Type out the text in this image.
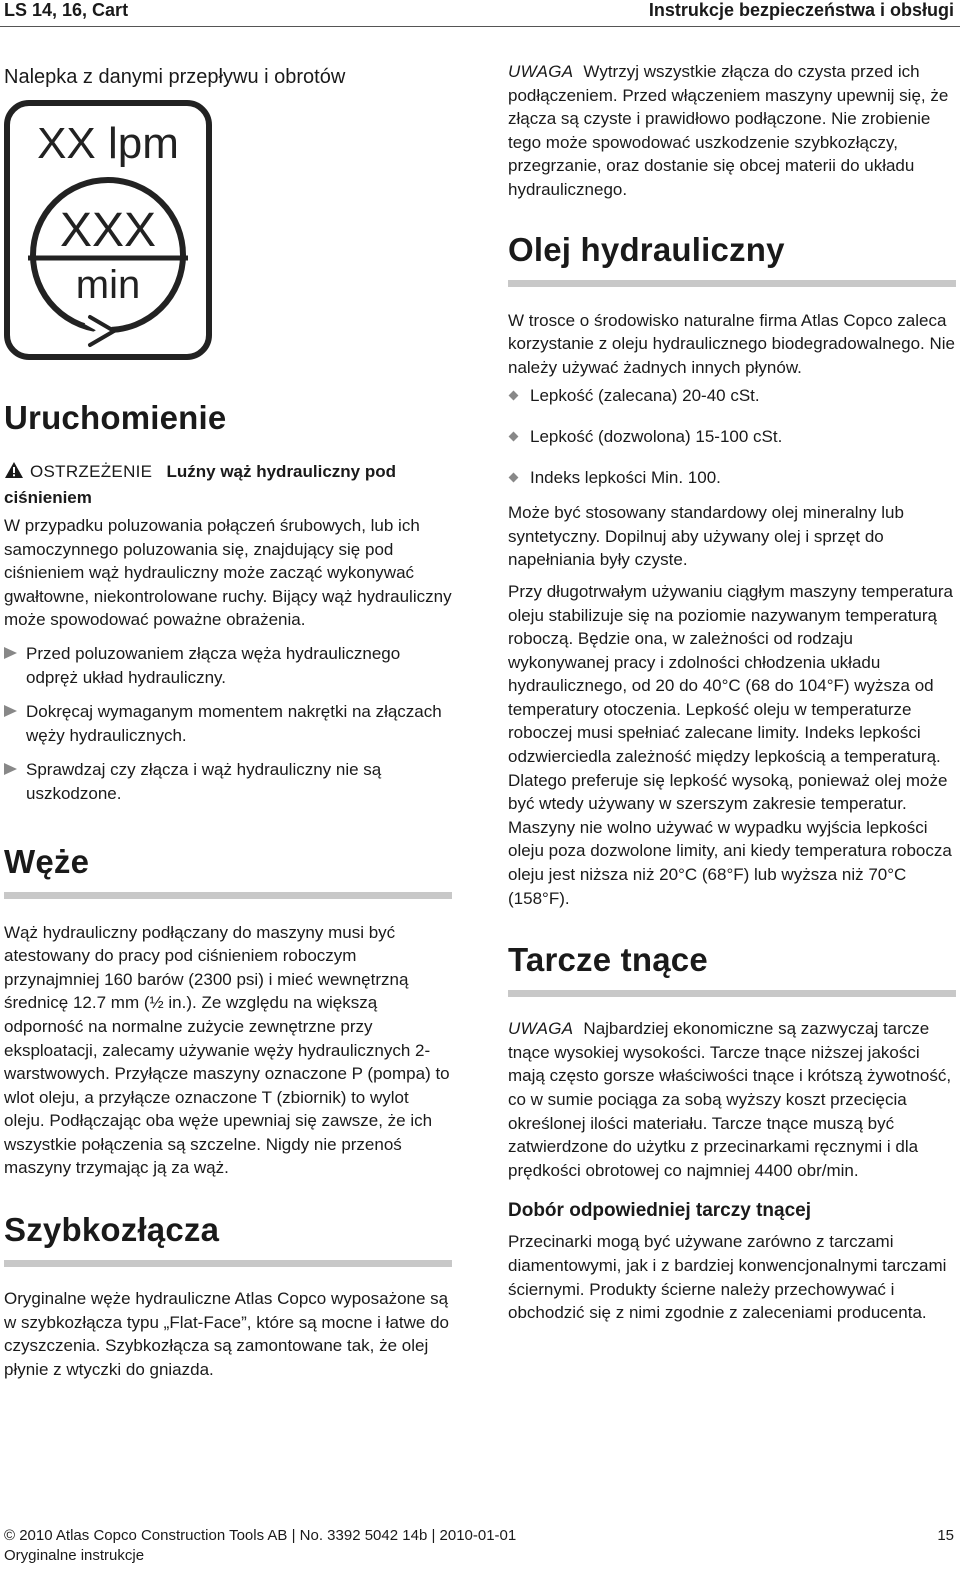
LS 14, 16, Cart	Instrukcje bezpieczeństwa i obsługi

Nalepka z danymi przepływu i obrotów

XX lpm
XXX
min
Uruchomienie

OSTRZEŻENIE Luźny wąż hydrauliczny pod

ciśnieniem

W przypadku poluzowania połączeń śrubowych, lub ich samoczynnego poluzowania się, znajdujący się pod ciśnieniem wąż hydrauliczny może zacząć wykonywać gwałtowne, niekontrolowane ruchy. Bijący wąż hydrauliczny może spowodować poważne obrażenia.

Przed poluzowaniem złącza węża hydraulicznego odpręż układ hydrauliczny.
Dokręcaj wymaganym momentem nakrętki na złączach węży hydraulicznych.
Sprawdzaj czy złącza i wąż hydrauliczny nie są uszkodzone.
Węże

Wąż hydrauliczny podłączany do maszyny musi być atestowany do pracy pod ciśnieniem roboczym przynajmniej 160 barów (2300 psi) i mieć wewnętrzną średnicę 12.7 mm (½ in.). Ze względu na większą odporność na normalne zużycie zewnętrzne przy eksploatacji, zalecamy używanie węży hydraulicznych 2-warstwowych. Przyłącze maszyny oznaczone P (pompa) to wlot oleju, a przyłącze oznaczone T (zbiornik) to wylot oleju. Podłączając oba węże upewniaj się zawsze, że ich wszystkie połączenia są szczelne. Nigdy nie przenoś maszyny trzymając ją za wąż.

Szybkozłącza

Oryginalne węże hydrauliczne Atlas Copco wyposażone są w szybkozłącza typu „Flat-Face”, które są mocne i łatwe do czyszczenia. Szybkozłącza są zamontowane tak, że olej płynie z wtyczki do gniazda.

UWAGA Wytrzyj wszystkie złącza do czysta przed ich podłączeniem. Przed włączeniem maszyny upewnij się, że złącza są czyste i prawidłowo podłączone. Nie zrobienie tego może spowodować uszkodzenie szybkozłączy, przegrzanie, oraz dostanie się obcej materii do układu hydraulicznego.

Olej hydrauliczny

W trosce o środowisko naturalne firma Atlas Copco zaleca korzystanie z oleju hydraulicznego biodegradowalnego. Nie należy używać żadnych innych płynów.

Lepkość (zalecana) 20-40 cSt.
Lepkość (dozwolona) 15-100 cSt.
Indeks lepkości Min. 100.

Może być stosowany standardowy olej mineralny lub syntetyczny. Dopilnuj aby używany olej i sprzęt do napełniania były czyste.

Przy długotrwałym używaniu ciągłym maszyny temperatura oleju stabilizuje się na poziomie nazywanym temperaturą roboczą. Będzie ona, w zależności od rodzaju wykonywanej pracy i zdolności chłodzenia układu hydraulicznego, od 20 do 40°C (68 do 104°F) wyższa od temperatury otoczenia. Lepkość oleju w temperaturze roboczej musi spełniać zalecane limity. Indeks lepkości odzwierciedla zależność między lepkością a temperaturą. Dlatego preferuje się lepkość wysoką, ponieważ olej może być wtedy używany w szerszym zakresie temperatur. Maszyny nie wolno używać w wypadku wyjścia lepkości oleju poza dozwolone limity, ani kiedy temperatura robocza oleju jest niższa niż 20°C (68°F) lub wyższa niż 70°C (158°F).

Tarcze tnące

UWAGA Najbardziej ekonomiczne są zazwyczaj tarcze tnące wysokiej wysokości. Tarcze tnące niższej jakości mają często gorsze właściwości tnące i krótszą żywotność, co w sumie pociąga za sobą wyższy koszt przecięcia określonej ilości materiału. Tarcze tnące muszą być zatwierdzone do użytku z przecinarkami ręcznymi i dla prędkości obrotowej co najmniej 4400 obr/min.

Dobór odpowiedniej tarczy tnącej

Przecinarki mogą być używane zarówno z tarczami diamentowymi, jak i z bardziej konwencjonalnymi tarczami ściernymi. Produkty ścierne należy przechowywać i obchodzić się z nimi zgodnie z zaleceniami producenta.

© 2010 Atlas Copco Construction Tools AB | No. 3392 5042 14b | 2010-01-01
Oryginalne instrukcje
15
